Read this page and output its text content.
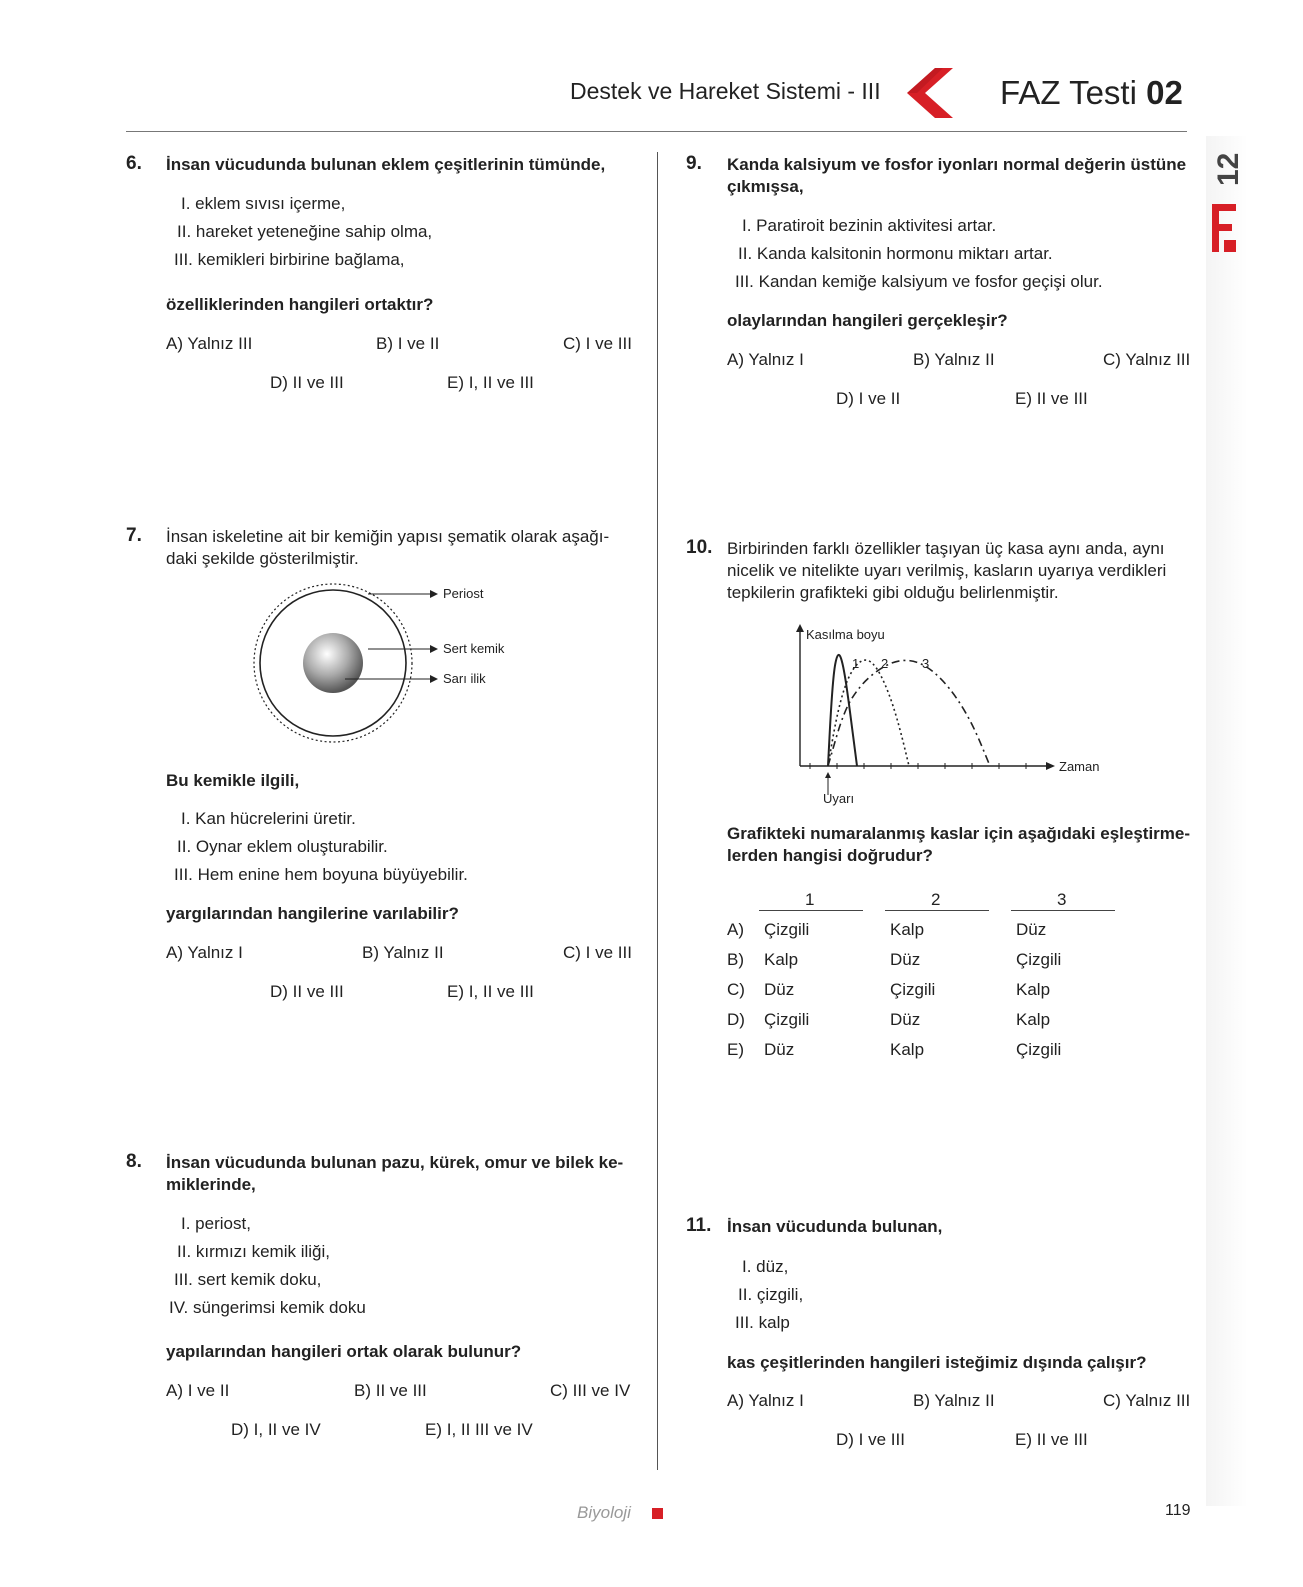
Destek ve Hareket Sistemi - III	FAZ Testi 02
12
6. İnsan vücudunda bulunan eklem çeşitlerinin tümünde,
I. eklem sıvısı içerme,
II. hareket yeteneğine sahip olma,
III. kemikleri birbirine bağlama,
özelliklerinden hangileri ortaktır?
A) Yalnız III	B) I ve II	C) I ve III
D) II ve III	E) I, II ve III
7. İnsan iskeletine ait bir kemiğin yapısı şematik olarak aşağı-
daki şekilde gösterilmiştir.
Periost
Sert kemik
Sarı ilik
Bu kemikle ilgili,
I. Kan hücrelerini üretir.
II. Oynar eklem oluşturabilir.
III. Hem enine hem boyuna büyüyebilir.
yargılarından hangilerine varılabilir?
A) Yalnız I	B) Yalnız II	C) I ve III
D) II ve III	E) I, II ve III
8. İnsan vücudunda bulunan pazu, kürek, omur ve bilek ke-
miklerinde,
I. periost,
II. kırmızı kemik iliği,
III. sert kemik doku,
IV. süngerimsi kemik doku
yapılarından hangileri ortak olarak bulunur?
A) I ve II	B) II ve III	C) III ve IV
D) I, II ve IV	E) I, II III ve IV
9. Kanda kalsiyum ve fosfor iyonları normal değerin üstüne
çıkmışsa,
I. Paratiroit bezinin aktivitesi artar.
II. Kanda kalsitonin hormonu miktarı artar.
III. Kandan kemiğe kalsiyum ve fosfor geçişi olur.
olaylarından hangileri gerçekleşir?
A) Yalnız I	B) Yalnız II	C) Yalnız III
D) I ve II	E) II ve III
10. Birbirinden farklı özellikler taşıyan üç kasa aynı anda, aynı
nicelik ve nitelikte uyarı verilmiş, kasların uyarıya verdikleri
tepkilerin grafikteki gibi olduğu belirlenmiştir.
Kasılma boyu
Zaman
Uyarı
1 2	3
Grafikteki numaralanmış kaslar için aşağıdaki eşleştirme-
lerden hangisi doğrudur?
1	2	3
A) Çizgili	Kalp	Düz
B) Kalp	Düz	Çizgili
C) Düz	Çizgili	Kalp
D) Çizgili	Düz	Kalp
E) Düz	Kalp	Çizgili
11. İnsan vücudunda bulunan,
I. düz,
II. çizgili,
III. kalp
kas çeşitlerinden hangileri isteğimiz dışında çalışır?
A) Yalnız I	B) Yalnız II	C) Yalnız III
D) I ve III	E) II ve III
Biyoloji	119
